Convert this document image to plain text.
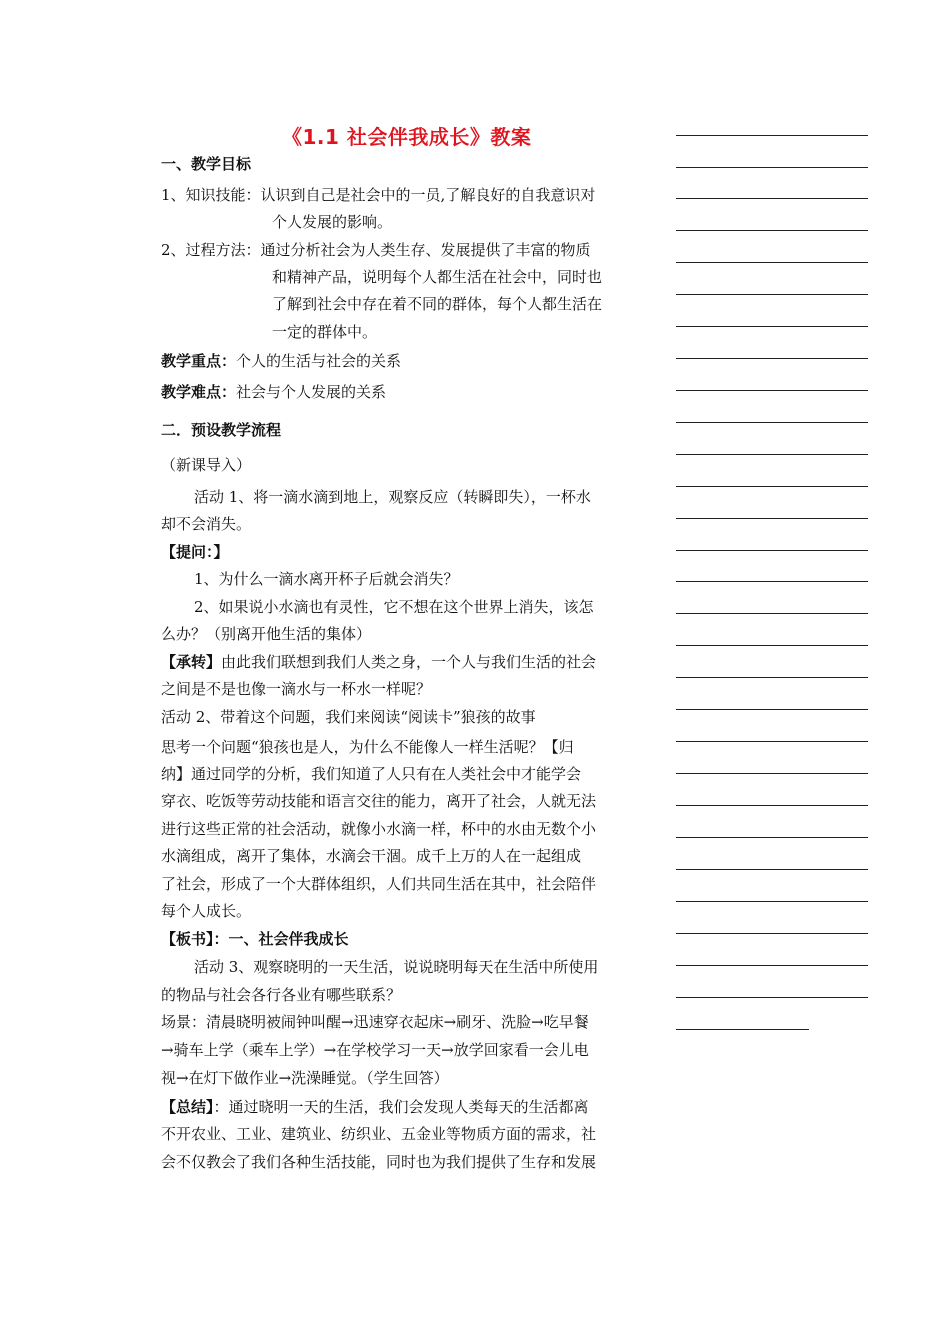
《1.1 社会伴我成长》教案
一、教学目标
1、知识技能：认识到自己是社会中的一员,了解良好的自我意识对
个人发展的影响。
2、过程方法：通过分析社会为人类生存、发展提供了丰富的物质
和精神产品，说明每个人都生活在社会中，同时也
了解到社会中存在着不同的群体，每个人都生活在
一定的群体中。
教学重点：个人的生活与社会的关系
教学难点：社会与个人发展的关系
二．预设教学流程
（新课导入）
活动 1、将一滴水滴到地上，观察反应（转瞬即失），一杯水
却不会消失。
【提问：】
1、为什么一滴水离开杯子后就会消失？
2、如果说小水滴也有灵性，它不想在这个世界上消失，该怎
么办？（别离开他生活的集体）
【承转】由此我们联想到我们人类之身，一个人与我们生活的社会
之间是不是也像一滴水与一杯水一样呢？
活动 2、带着这个问题，我们来阅读“阅读卡”狼孩的故事
思考一个问题“狼孩也是人，为什么不能像人一样生活呢？【归
纳】通过同学的分析，我们知道了人只有在人类社会中才能学会
穿衣、吃饭等劳动技能和语言交往的能力，离开了社会，人就无法
进行这些正常的社会活动，就像小水滴一样，杯中的水由无数个小
水滴组成，离开了集体，水滴会干涸。成千上万的人在一起组成
了社会，形成了一个大群体组织，人们共同生活在其中，社会陪伴
每个人成长。
【板书】：一、社会伴我成长
活动 3、观察晓明的一天生活，说说晓明每天在生活中所使用
的物品与社会各行各业有哪些联系？
场景：清晨晓明被闹钟叫醒→迅速穿衣起床→刷牙、洗脸→吃早餐
→骑车上学（乘车上学）→在学校学习一天→放学回家看一会儿电
视→在灯下做作业→洗澡睡觉。（学生回答）
【总结】：通过晓明一天的生活，我们会发现人类每天的生活都离
不开农业、工业、建筑业、纺织业、五金业等物质方面的需求，社
会不仅教会了我们各种生活技能，同时也为我们提供了生存和发展
